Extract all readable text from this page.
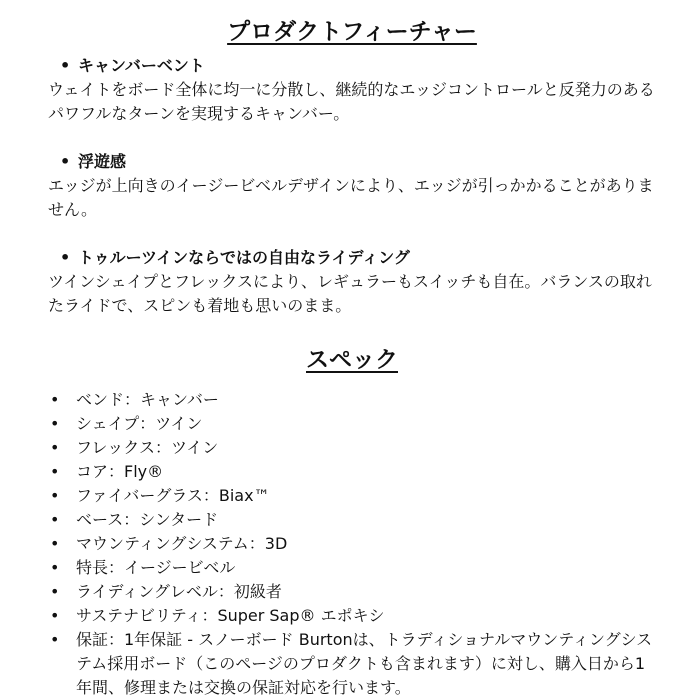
プロダクトフィーチャー
• キャンバーベント

ウェイトをボード全体に均一に分散し、継続的なエッジコントロールと反発力のあるパワフルなターンを実現するキャンバー。

• 浮遊感

エッジが上向きのイージービベルデザインにより、エッジが引っかかることがありません。

• トゥルーツインならではの自由なライディング

ツインシェイプとフレックスにより、レギュラーもスイッチも自在。バランスの取れたライドで、スピンも着地も思いのまま。

スペック
• ベンド：キャンバー
• シェイプ：ツイン
• フレックス：ツイン
• コア：Fly®
• ファイバーグラス：Biax™
• ベース：シンタード
• マウンティングシステム：3D
• 特長：イージービベル
• ライディングレベル：初級者
• サステナビリティ：Super Sap® エポキシ
• 保証：1年保証 - スノーボード Burtonは、トラディショナルマウンティングシステム採用ボード（このページのプロダクトも含まれます）に対し、購入日から1年間、修理または交換の保証対応を行います。
